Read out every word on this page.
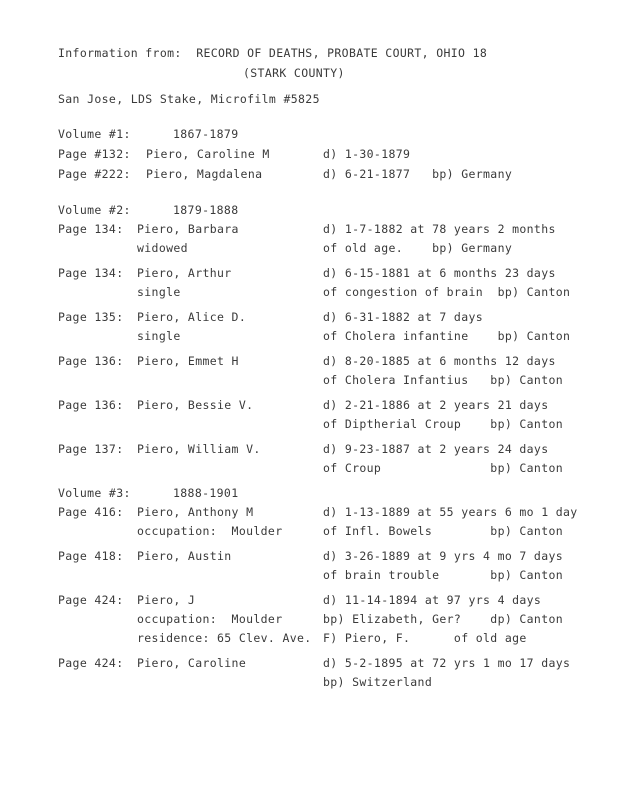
Information from:  RECORD OF DEATHS, PROBATE COURT, OHIO 18
(STARK COUNTY)
San Jose, LDS Stake, Microfilm #5825
Volume #1:	1867-1879
Page #132: Piero, Caroline M	d) 1-30-1879
Page #222: Piero, Magdalena	d) 6-21-1877   bp) Germany
Volume #2:	1879-1888
Page 134: Piero, Barbara
widowed
d) 1-7-1882 at 78 years 2 months
of old age.    bp) Germany
Page 134: Piero, Arthur
single
d) 6-15-1881 at 6 months 23 days
of congestion of brain  bp) Canton
Page 135: Piero, Alice D.
single
d) 6-31-1882 at 7 days
of Cholera infantine    bp) Canton
Page 136: Piero, Emmet H	d) 8-20-1885 at 6 months 12 days
of Cholera Infantius   bp) Canton
Page 136: Piero, Bessie V.	d) 2-21-1886 at 2 years 21 days
of Diptherial Croup    bp) Canton
Page 137: Piero, William V.	d) 9-23-1887 at 2 years 24 days
of Croup               bp) Canton
Volume #3:	1888-1901
Page 416: Piero, Anthony M
occupation:  Moulder
d) 1-13-1889 at 55 years 6 mo 1 day
of Infl. Bowels        bp) Canton
Page 418: Piero, Austin	d) 3-26-1889 at 9 yrs 4 mo 7 days
of brain trouble       bp) Canton
Page 424: Piero, J
occupation:  Moulder
residence: 65 Clev. Ave.
d) 11-14-1894 at 97 yrs 4 days
bp) Elizabeth, Ger?    dp) Canton
F) Piero, F.      of old age
Page 424: Piero, Caroline	d) 5-2-1895 at 72 yrs 1 mo 17 days
bp) Switzerland
